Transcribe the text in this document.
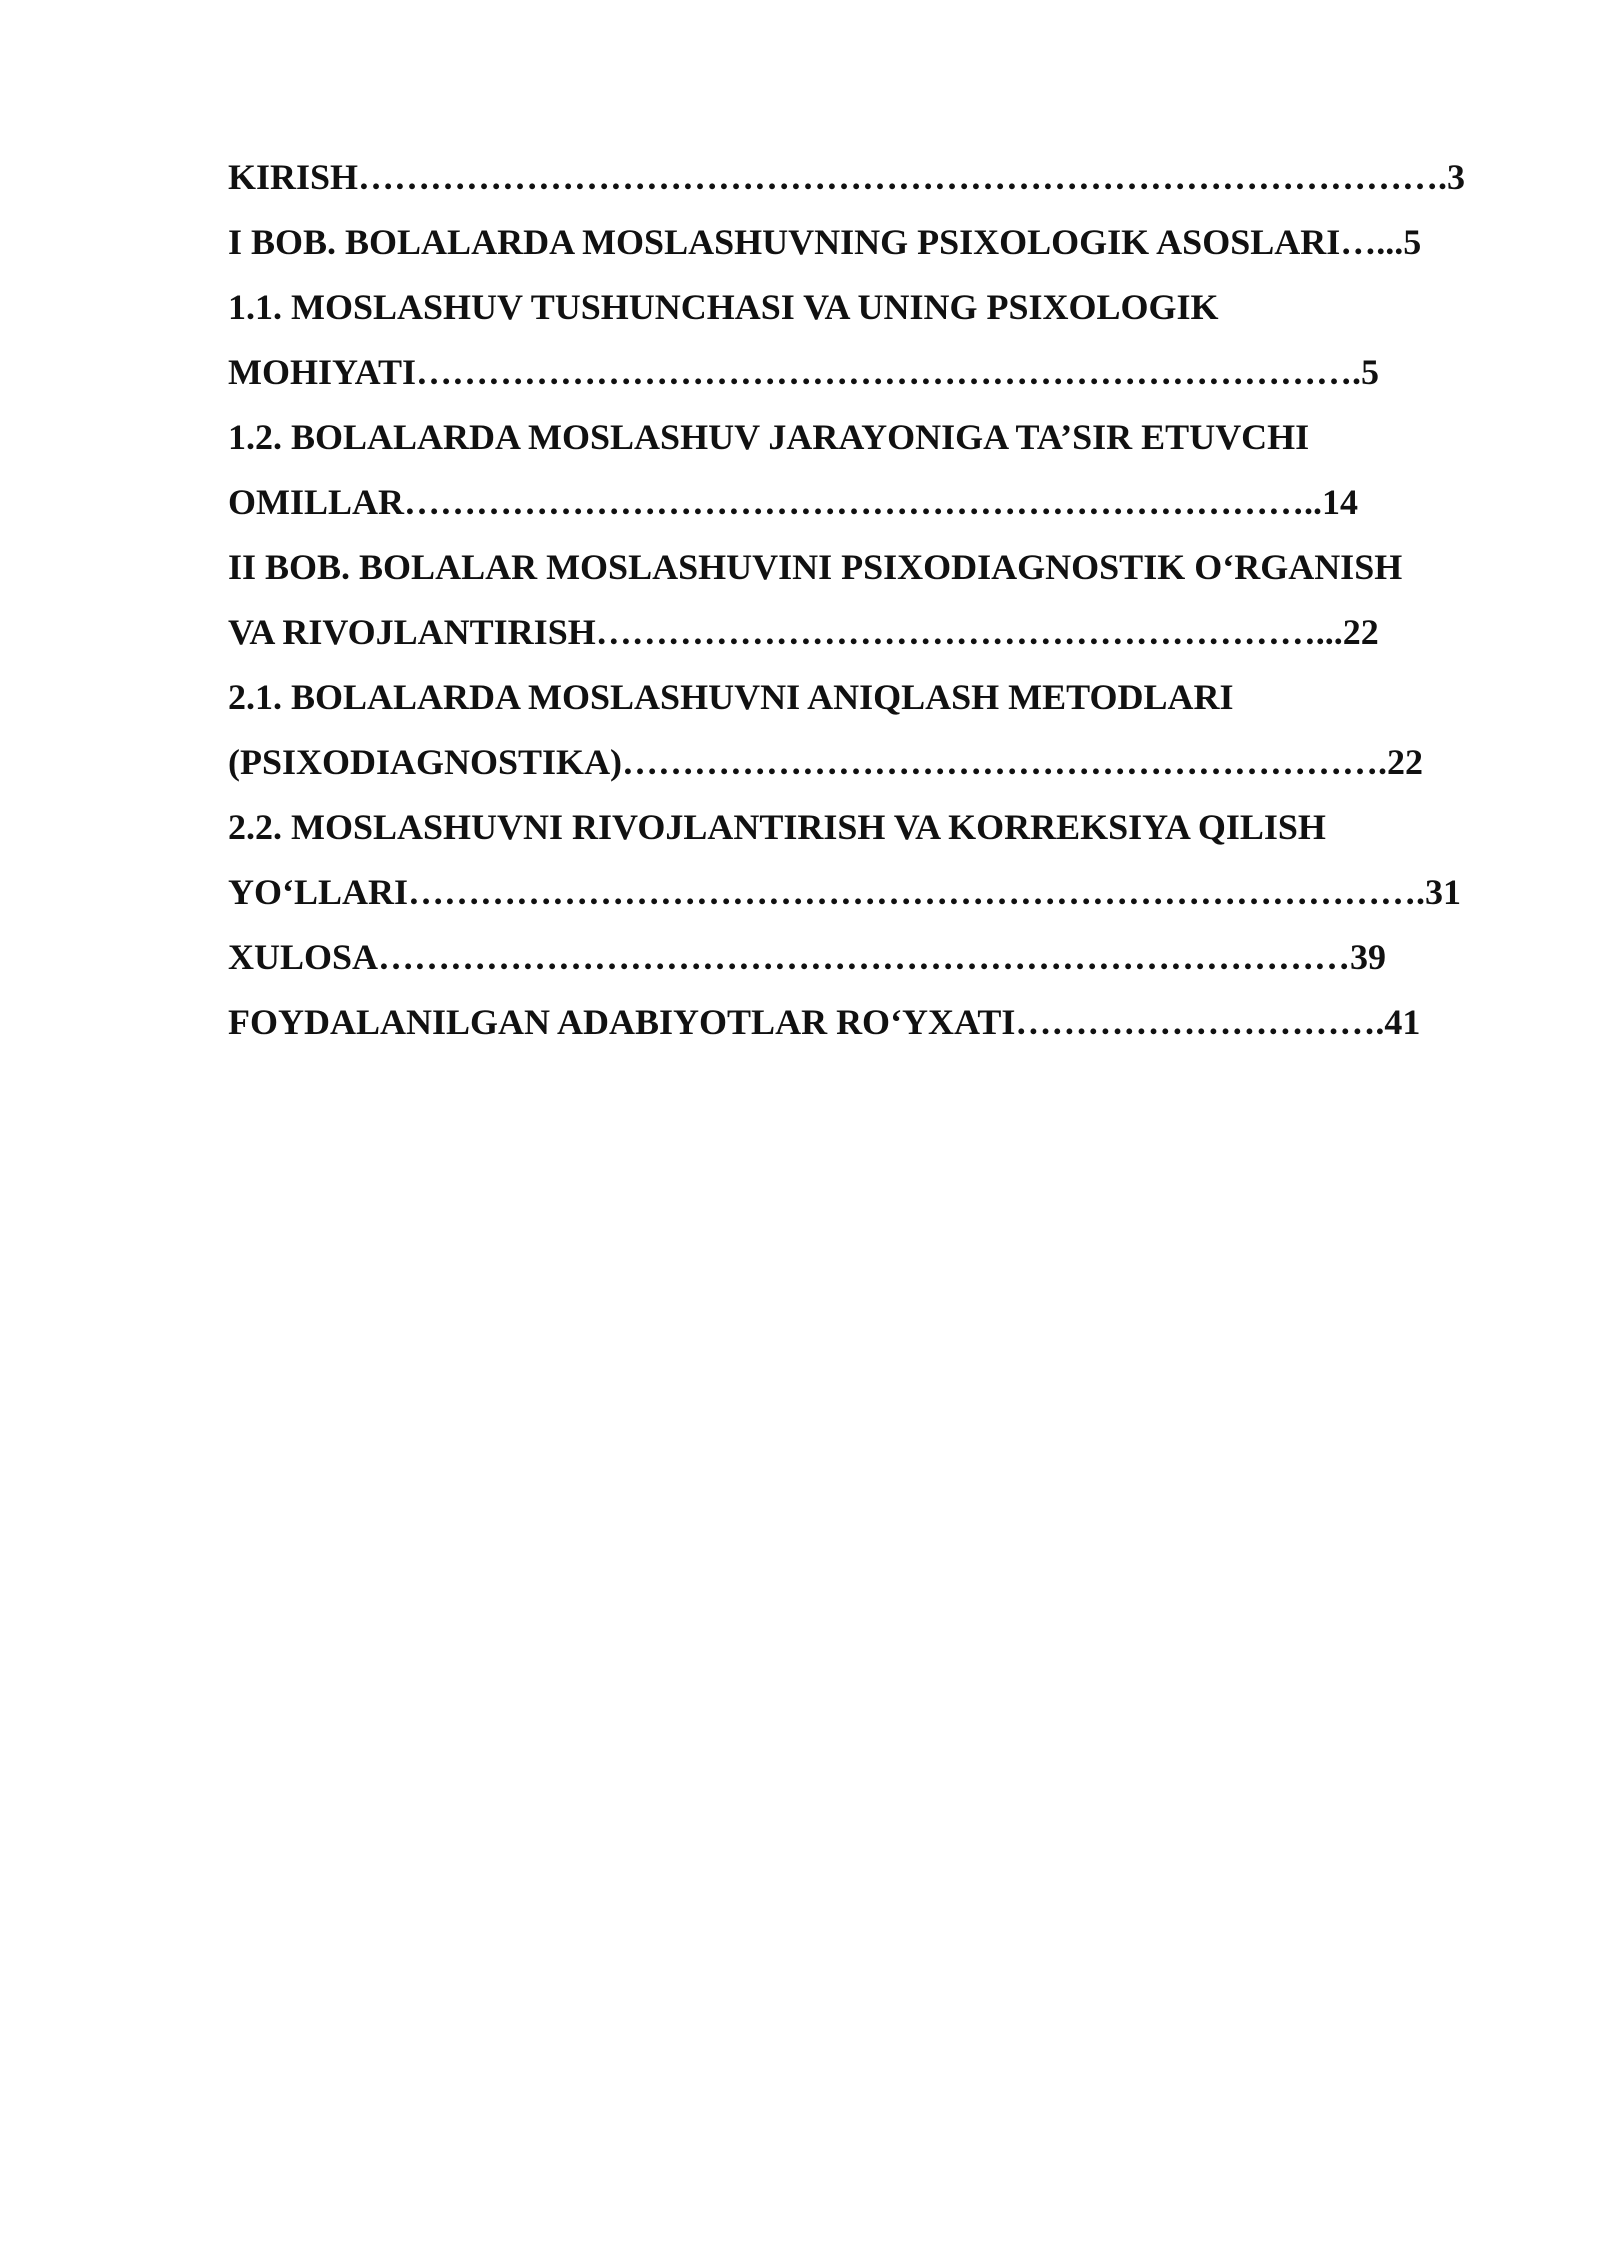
KIRISH……………………………………………………………………………….3
I BOB. BOLALARDA MOSLASHUVNING PSIXOLOGIK ASOSLARI…...5
1.1. MOSLASHUV TUSHUNCHASI VA UNING PSIXOLOGIK
MOHIYATI…………………………………………………………………….5
1.2. BOLALARDA MOSLASHUV JARAYONIGA TA’SIR ETUVCHI
OMILLAR…………………………………………………………………..14
II BOB. BOLALAR MOSLASHUVINI PSIXODIAGNOSTIK O‘RGANISH
VA RIVOJLANTIRISH……………………………………………………...22
2.1. BOLALARDA MOSLASHUVNI ANIQLASH METODLARI
(PSIXODIAGNOSTIKA)……………………………………………………….22
2.2. MOSLASHUVNI RIVOJLANTIRISH VA KORREKSIYA QILISH
YO‘LLARI………………………………………………………………………….31
XULOSA………………………………………………………………………39
FOYDALANILGAN ADABIYOTLAR RO‘YXATI………………………….41
